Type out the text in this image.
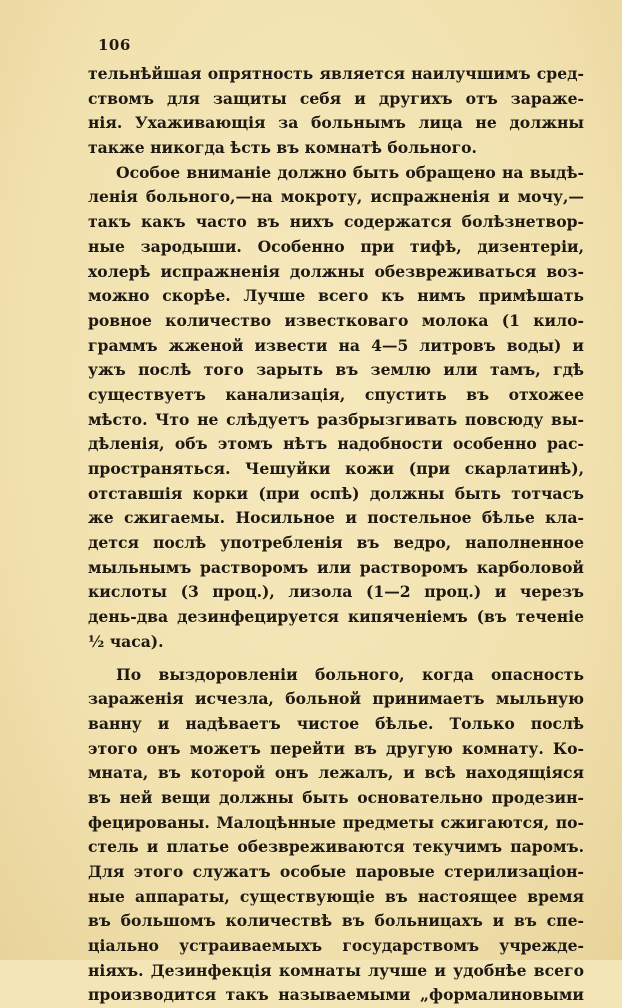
106
тельнѣйшая опрятность является наилучшимъ сред-
ствомъ для защиты себя и другихъ отъ зараже-
нія. Ухаживающія за больнымъ лица не должны
также никогда ѣсть въ комнатѣ больного.
Особое вниманіе должно быть обращено на выдѣ-
ленія больного,—на мокроту, испражненія и мочу,—
такъ какъ часто въ нихъ содержатся болѣзнетвор-
ные зародыши. Особенно при тифѣ, дизентеріи,
холерѣ испражненія должны обезвреживаться воз-
можно скорѣе. Лучше всего къ нимъ примѣшать
ровное количество известковаго молока (1 кило-
граммъ жженой извести на 4—5 литровъ воды) и
ужъ послѣ того зарыть въ землю или тамъ, гдѣ
существуетъ канализація, спустить въ отхожее
мѣсто. Что не слѣдуетъ разбрызгивать повсюду вы-
дѣленія, объ этомъ нѣтъ надобности особенно рас-
пространяться. Чешуйки кожи (при скарлатинѣ),
отставшія корки (при оспѣ) должны быть тотчасъ
же сжигаемы. Носильное и постельное бѣлье кла-
дется послѣ употребленія въ ведро, наполненное
мыльнымъ растворомъ или растворомъ карболовой
кислоты (3 проц.), лизола (1—2 проц.) и черезъ
день-два дезинфецируется кипяченіемъ (въ теченіе
½ часа).
По выздоровленіи больного, когда опасность
зараженія исчезла, больной принимаетъ мыльную
ванну и надѣваетъ чистое бѣлье. Только послѣ
этого онъ можетъ перейти въ другую комнату. Ко-
мната, въ которой онъ лежалъ, и всѣ находящіяся
въ ней вещи должны быть основательно продезин-
фецированы. Малоцѣнные предметы сжигаются, по-
стель и платье обезвреживаются текучимъ паромъ.
Для этого служатъ особые паровые стерилизаціон-
ные аппараты, существующіе въ настоящее время
въ большомъ количествѣ въ больницахъ и въ спе-
ціально устраиваемыхъ государствомъ учрежде-
ніяхъ. Дезинфекція комнаты лучше и удобнѣе всего
производится такъ называемыми „формалиновыми
